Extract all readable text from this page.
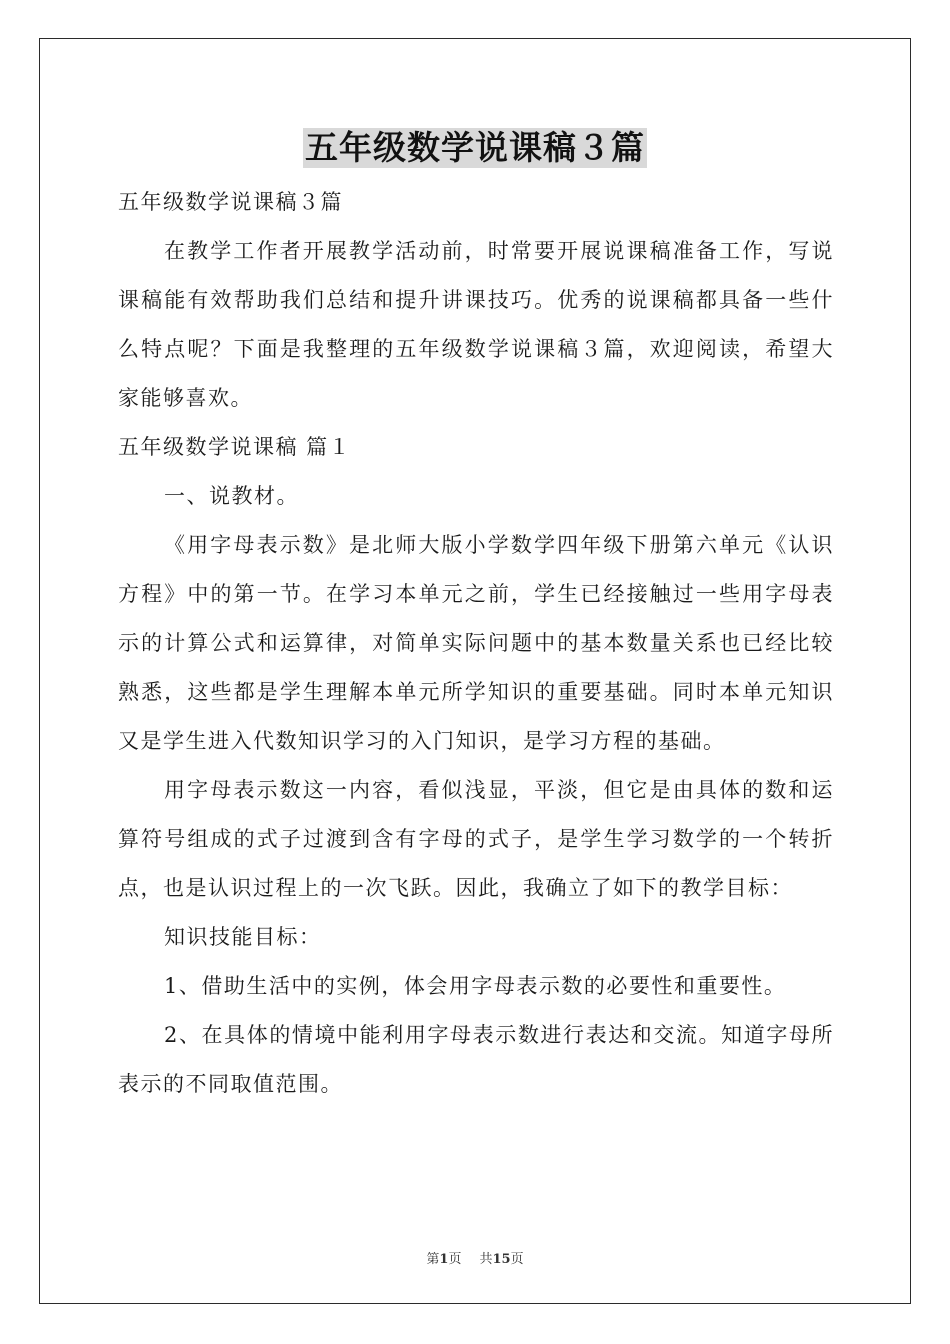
五年级数学说课稿３篇

五年级数学说课稿３篇

在教学工作者开展教学活动前，时常要开展说课稿准备工作，写说课稿能有效帮助我们总结和提升讲课技巧。优秀的说课稿都具备一些什么特点呢？下面是我整理的五年级数学说课稿３篇，欢迎阅读，希望大家能够喜欢。

五年级数学说课稿 篇１

一、说教材。

《用字母表示数》是北师大版小学数学四年级下册第六单元《认识方程》中的第一节。在学习本单元之前，学生已经接触过一些用字母表示的计算公式和运算律，对简单实际问题中的基本数量关系也已经比较熟悉，这些都是学生理解本单元所学知识的重要基础。同时本单元知识又是学生进入代数知识学习的入门知识，是学习方程的基础。

用字母表示数这一内容，看似浅显，平淡，但它是由具体的数和运算符号组成的式子过渡到含有字母的式子，是学生学习数学的一个转折点，也是认识过程上的一次飞跃。因此，我确立了如下的教学目标：

知识技能目标：

1、借助生活中的实例，体会用字母表示数的必要性和重要性。

2、在具体的情境中能利用字母表示数进行表达和交流。知道字母所表示的不同取值范围。

第1页 共15页
